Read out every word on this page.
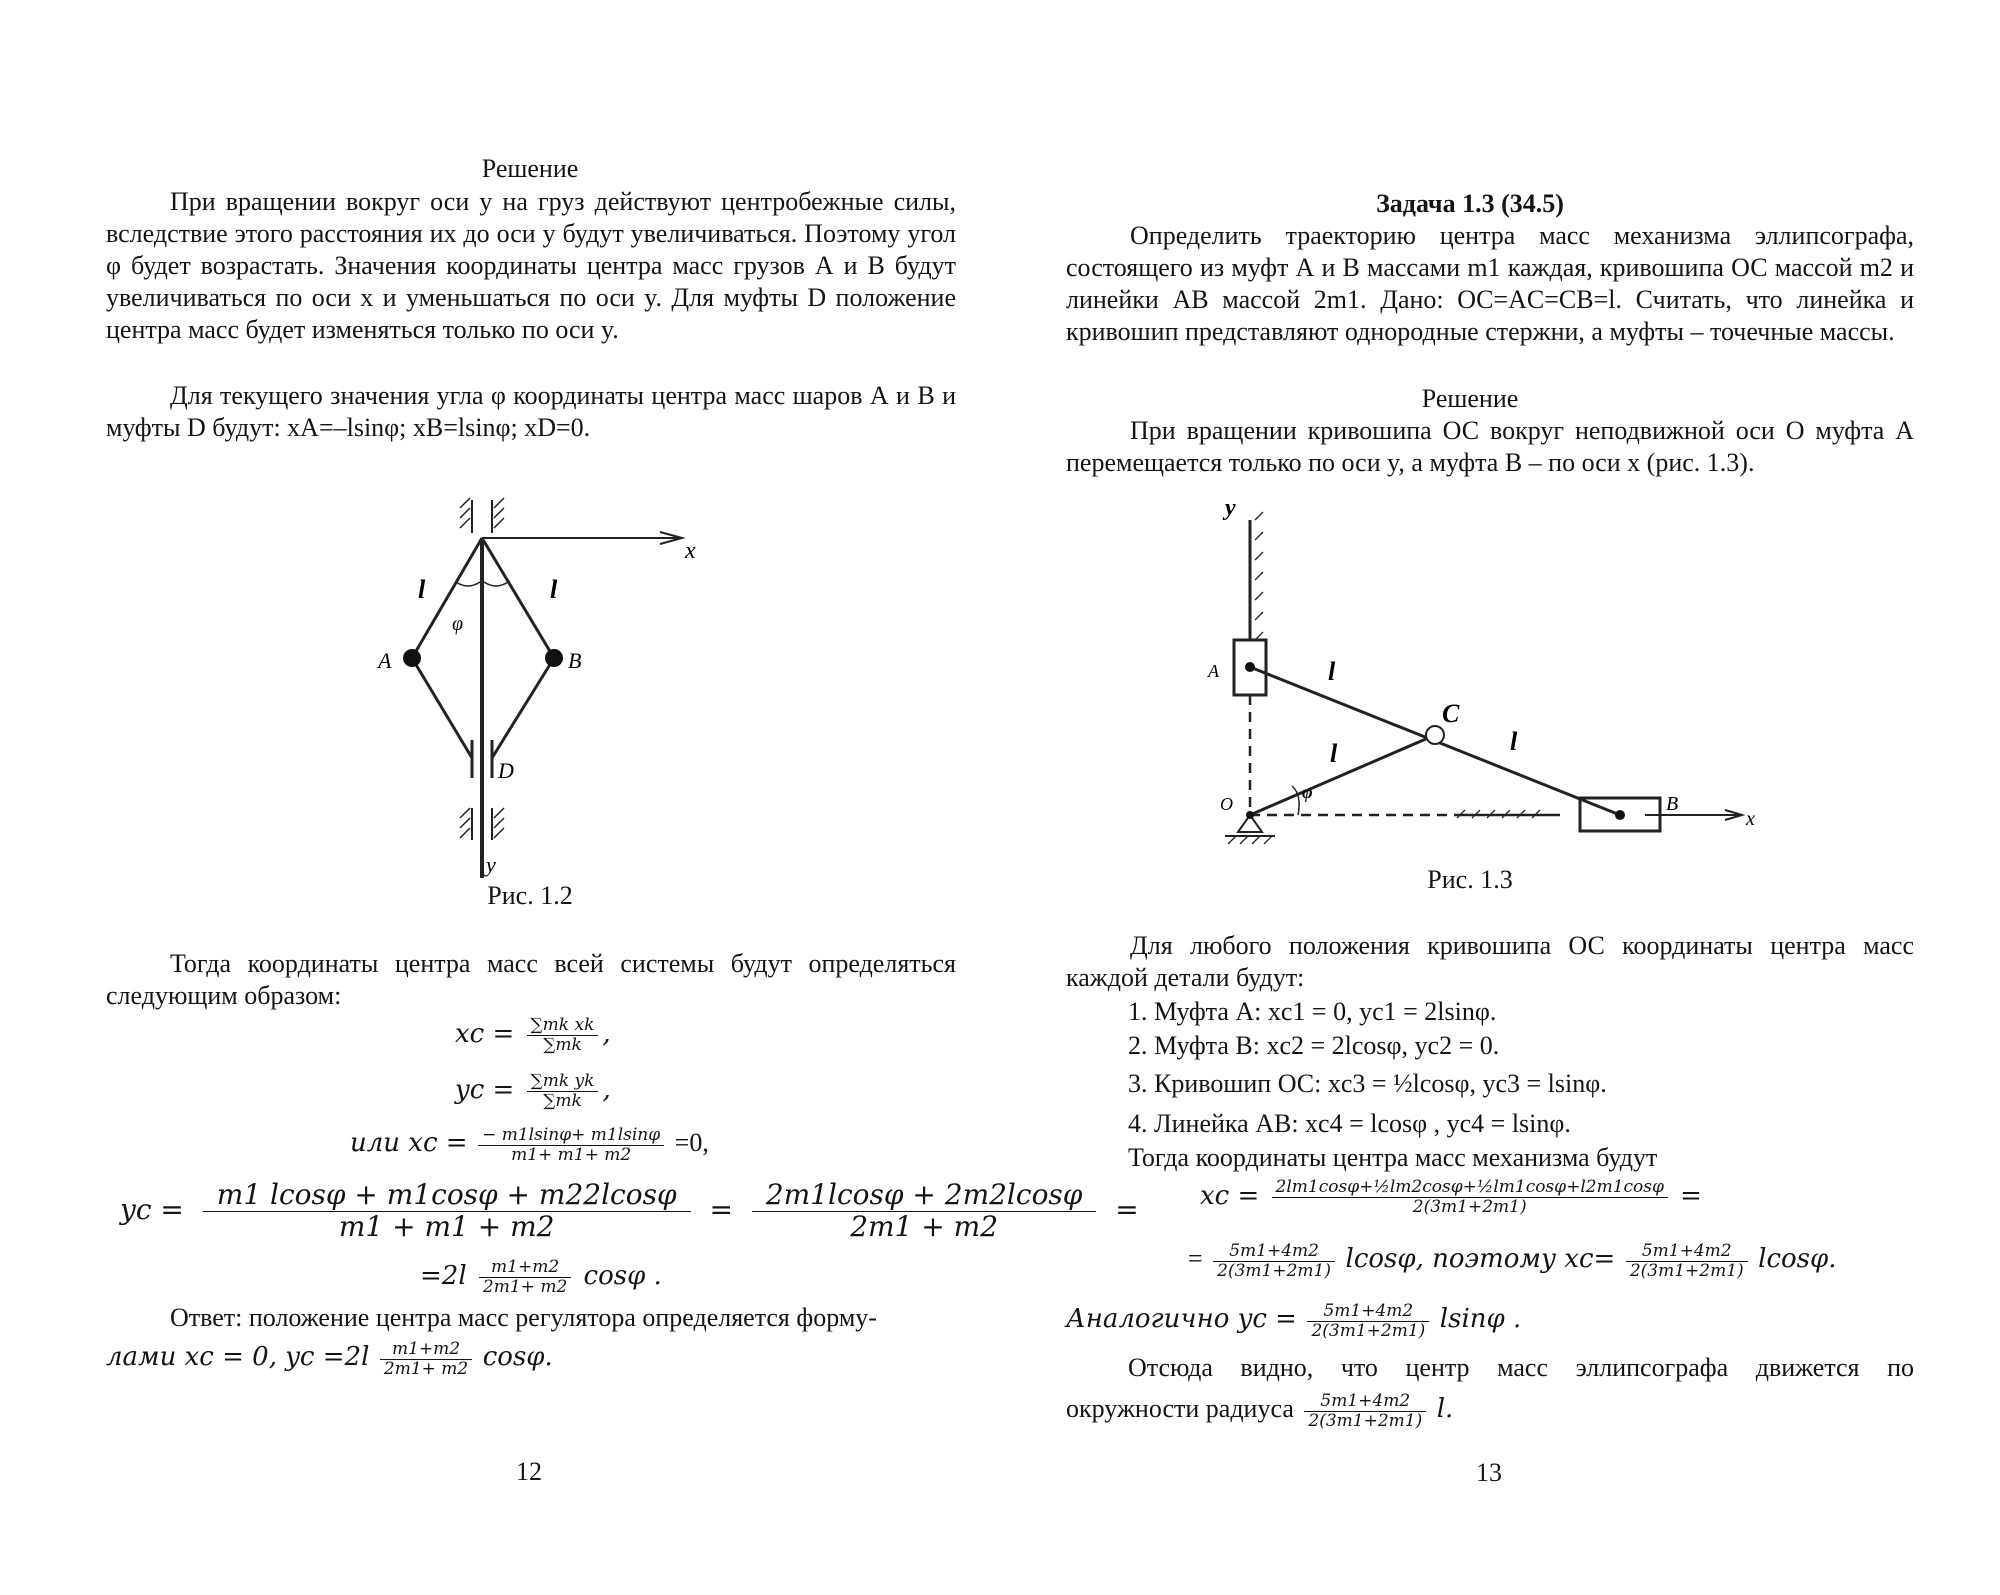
Решение

При вращении вокруг оси y на груз действуют центробежные силы, вследствие этого расстояния их до оси y будут увеличиваться. Поэтому угол φ будет возрастать. Значения координаты центра масс грузов А и В будут увеличиваться по оси x и уменьшаться по оси y. Для муфты D положение центра масс будет изменяться только по оси y.

Для текущего значения угла φ координаты центра масс шаров А и В и муфты D будут: xA=–lsinφ; xB=lsinφ; xD=0.

x
y
l	l
φ
A	B
D
Рис. 1.2

Тогда координаты центра масс всей системы будут определяться следующим образом:

xc = $\frac{\text{∑mk xk}}{\sum mk}$ ,
yc = $\frac{\text{∑mk yk}}{\sum mk}$ ,
или xc = $\frac{- m1lsin\varphi+ m1lsin\varphi}{m1+ m1+ m2} =0$,
yc = $\frac{m1 lcos\varphi + m1\cos\varphi + m22lcos\varphi}{m1 + m1 + m2} = \frac{2m1lcos\varphi + 2m2lcos\varphi}{2m1 + m2}$ =
$=2l \frac{m1+m2}{2m1+ m2}$ cosφ .
Ответ: положение центра масс регулятора определяется форму-
лами xc = 0, yc $=2l \frac{m1+m2}{2m1+ m2} \cos\varphi$.
12
Задача 1.3 (34.5)

Определить траекторию центра масс механизма эллипсографа, состоящего из муфт А и В массами m1 каждая, кривошипа ОС массой m2 и линейки АВ массой 2m1. Дано: OC=AC=CB=l. Считать, что линейка и кривошип представляют однородные стержни, а муфты – точечные массы.

Решение

При вращении кривошипа ОС вокруг неподвижной оси О муфта А перемещается только по оси y, а муфта В – по оси x (рис. 1.3).

y
x
A
B
C
O
l
l	l
φ
Рис. 1.3

Для любого положения кривошипа ОС координаты центра масс каждой детали будут:

1. Муфта А: xc1 = 0, yc1 = 2lsinφ.
2. Муфта В: xc2 = 2lcosφ, yc2 = 0.
3. Кривошип ОС: xc3 = ½lcosφ, yc3 = lsinφ.
4. Линейка АВ: xc4 = lcosφ , yc4 = lsinφ.
Тогда координаты центра масс механизма будут
xc = $\frac{\text{2lm1cosφ+½lm2cosφ+½lm1cosφ+l2m1cosφ}}{2(3m1+2m1)}$ =
= $\frac{5m1+4m2}{2(3m1+2m1)} lcos\varphi$, поэтому $xc= \frac{5m1+4m2}{2(3m1+2m1)} lcos\varphi$.
Аналогично yc = $\frac{5m1+4m2}{2(3m1+2m1)}$ lsinφ .
Отсюда видно, что центр масс эллипсографа движется по
окружности радиуса $\frac{5m1+4m2}{2(3m1+2m1)} l$.
13
